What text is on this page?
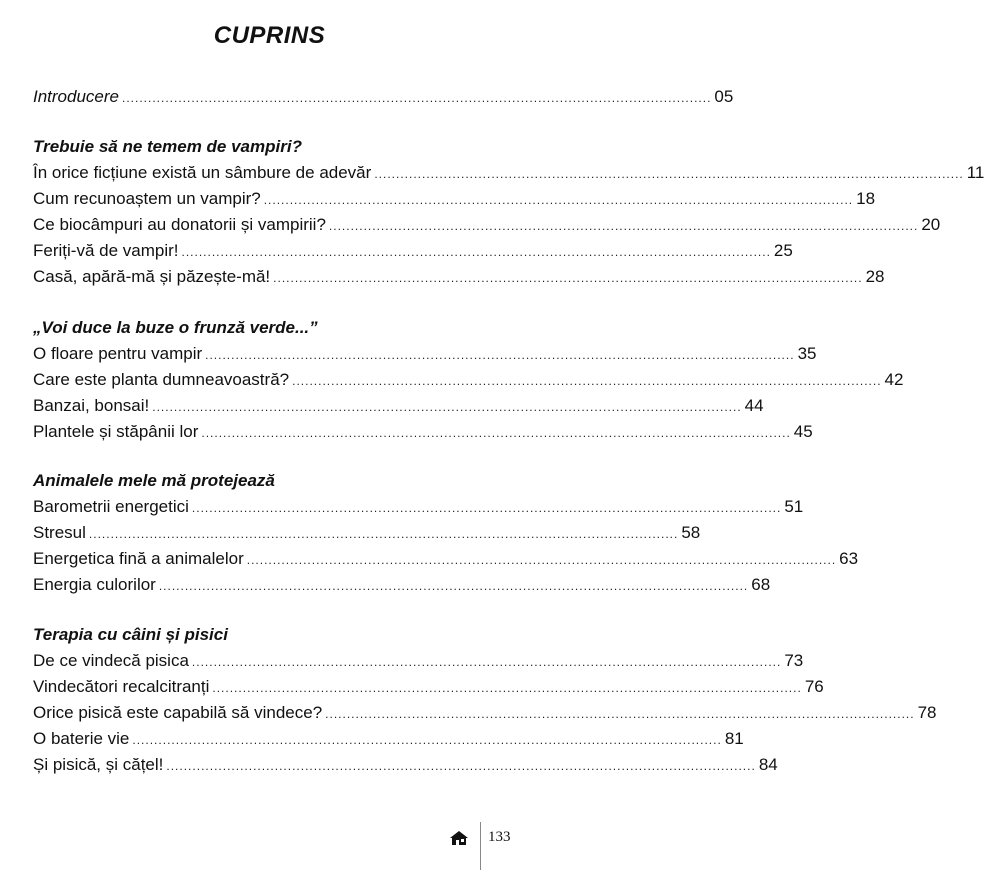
CUPRINS
Introducere ........................................................................................................................................ 05
Trebuie să ne temem de vampiri?
În orice ficțiune există un sâmbure de adevăr ........................................................................................................................................ 11
Cum recunoaștem un vampir? ........................................................................................................................................ 18
Ce biocâmpuri au donatorii și vampirii? ........................................................................................................................................ 20
Feriți-vă de vampir! ........................................................................................................................................ 25
Casă, apără-mă și păzește-mă! ........................................................................................................................................ 28
„Voi duce la buze o frunză verde...”
O floare pentru vampir ........................................................................................................................................ 35
Care este planta dumneavoastră? ........................................................................................................................................ 42
Banzai, bonsai! ........................................................................................................................................ 44
Plantele și stăpânii lor ........................................................................................................................................ 45
Animalele mele mă protejează
Barometrii energetici ........................................................................................................................................ 51
Stresul ........................................................................................................................................ 58
Energetica fină a animalelor ........................................................................................................................................ 63
Energia culorilor ........................................................................................................................................ 68
Terapia cu câini și pisici
De ce vindecă pisica ........................................................................................................................................ 73
Vindecători recalcitranți ........................................................................................................................................ 76
Orice pisică este capabilă să vindece? ........................................................................................................................................ 78
O baterie vie ........................................................................................................................................ 81
Și pisică, și cățel! ........................................................................................................................................ 84
133
